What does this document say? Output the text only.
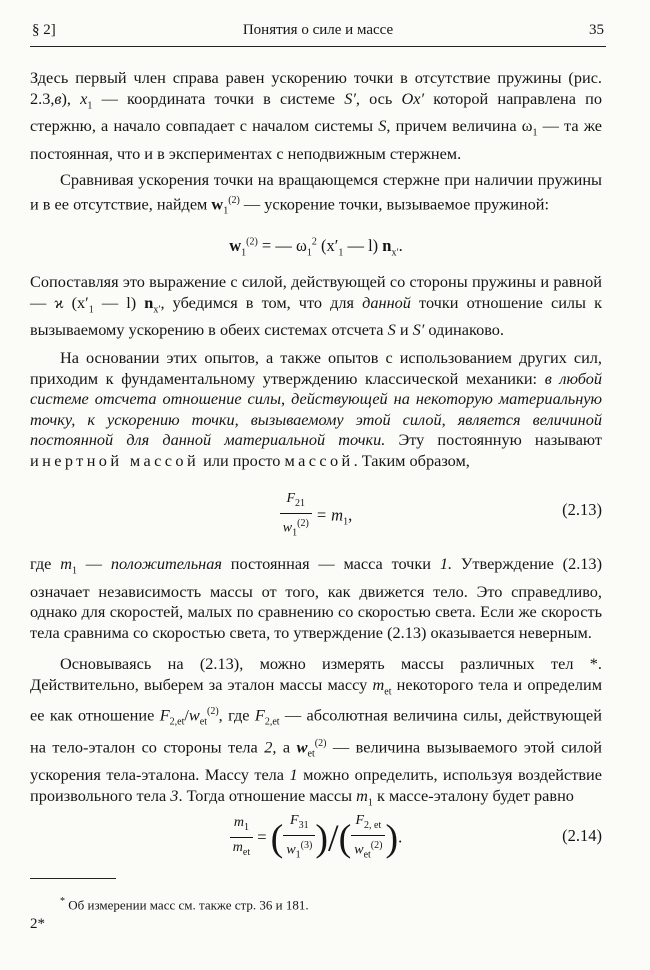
§ 2]	Понятия о силе и массе	35
Здесь первый член справа равен ускорению точки в отсутствие пружины (рис. 2.3,в), $x_1$ — координата точки в системе S′, ось Ox′ которой направлена по стержню, а начало совпадает с началом системы S, причем величина $\omega_1$ — та же постоянная, что и в экспериментах с неподвижным стержнем.
Сравнивая ускорения точки на вращающемся стержне при наличии пружины и в ее отсутствие, найдем $w_1^{(2)}$ — ускорение точки, вызываемое пружиной:
$w_1^{(2)}$ = — $\omega_1^2$ ($x'_1$ — l) $n_{x'}$.
Сопоставляя это выражение с силой, действующей со стороны пружины и равной — ϰ ($x'_1$ — l) $n_{x'}$, убедимся в том, что для данной точки отношение силы к вызываемому ускорению в обеих системах отсчета S и S′ одинаково.
На основании этих опытов, а также опытов с использованием других сил, приходим к фундаментальному утверждению классической механики: в любой системе отсчета отношение силы, действующей на некоторую материальную точку, к ускорению точки, вызываемому этой силой, является величиной постоянной для данной материальной точки. Эту постоянную называют инертной массой или просто массой. Таким образом,
$\frac{F_{21}}{w_1^{(2)}} = m_1$,	(2.13)
где $m_1$ — положительная постоянная — масса точки 1. Утверждение (2.13) означает независимость массы от того, как движется тело. Это справедливо, однако для скоростей, малых по сравнению со скоростью света. Если же скорость тела сравнима со скоростью света, то утверждение (2.13) оказывается неверным.
Основываясь на (2.13), можно измерять массы различных тел *. Действительно, выберем за эталон массы массу $m_{et}$ некоторого тела и определим ее как отношение $F_{2,et}/w_{et}^{(2)}$, где $F_{2,et}$ — абсолютная величина силы, действующей на тело-эталон со стороны тела 2, а $w_{et}^{(2)}$ — величина вызываемого этой силой ускорения тела-эталона. Массу тела 1 можно определить, используя воздействие произвольного тела 3. Тогда отношение массы $m_1$ к массе-эталону будет равно
$\frac{m_1}{m_{et}}$ = ( $\frac{F_{31}}{w_1^{(3)}}$ )/( $\frac{F_{2, et}}{w_{et}^{(2)}}$ ).	(2.14)
* Об измерении масс см. также стр. 36 и 181.
2*
